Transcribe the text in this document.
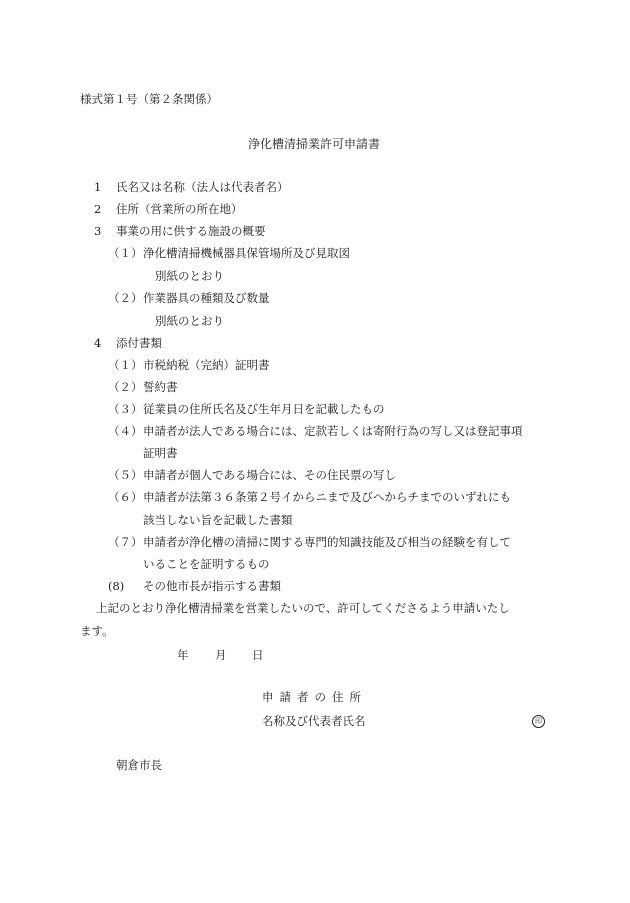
様式第１号（第２条関係）
浄化槽清掃業許可申請書
1 氏名又は名称（法人は代表者名）
2 住所（営業所の所在地）
3 事業の用に供する施設の概要
（１） 浄化槽清掃機械器具保管場所及び見取図
別紙のとおり
（２） 作業器具の種類及び数量
別紙のとおり
4 添付書類
（１） 市税納税（完納）証明書
（２） 誓約書
（３） 従業員の住所氏名及び生年月日を記載したもの
（４） 申請者が法人である場合には、定款若しくは寄附行為の写し又は登記事項
証明書
（５） 申請者が個人である場合には、その住民票の写し
（６） 申請者が法第３６条第２号イからニまで及びヘからチまでのいずれにも
該当しない旨を記載した書類
（７） 申請者が浄化槽の清掃に関する専門的知識技能及び相当の経験を有して
いることを証明するもの
(8) その他市長が指示する書類
上記のとおり浄化槽清掃業を営業したいので、許可してくださるよう申請いたし
ます。
年 月 日
申請者の住所
名称及び代表者氏名	印
朝倉市長
